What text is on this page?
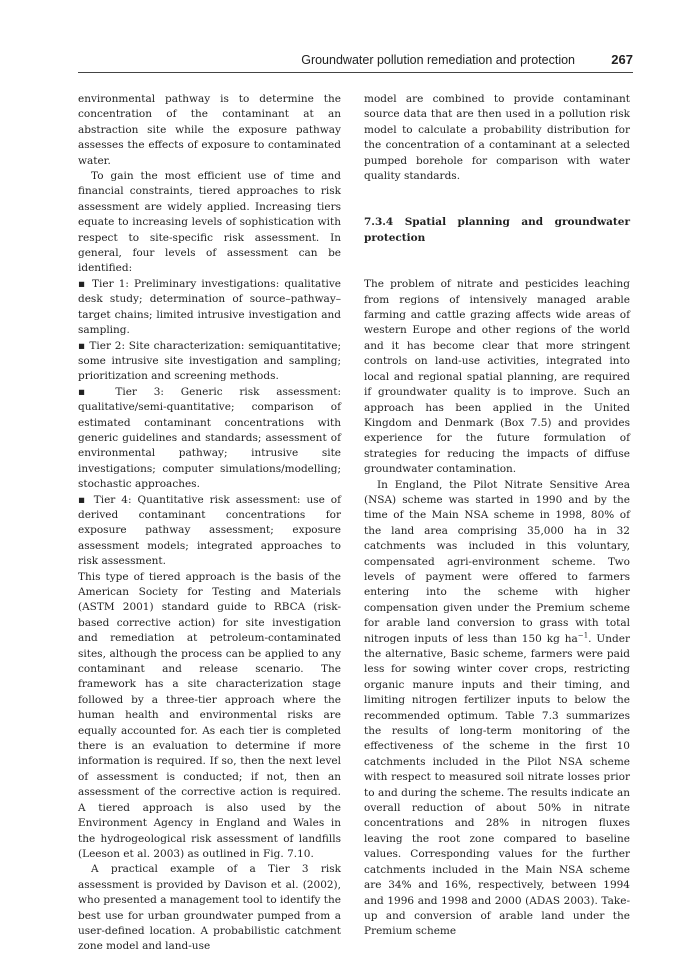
Groundwater pollution remediation and protection	267

environmental pathway is to determine the concentration of the contaminant at an abstraction site while the exposure pathway assesses the effects of exposure to contaminated water.

To gain the most efficient use of time and financial constraints, tiered approaches to risk assessment are widely applied. Increasing tiers equate to increasing levels of sophistication with respect to site-specific risk assessment. In general, four levels of assessment can be identified:

▪ Tier 1: Preliminary investigations: qualitative desk study; determination of source–pathway–target chains; limited intrusive investigation and sampling.

▪ Tier 2: Site characterization: semiquantitative; some intrusive site investigation and sampling; prioritization and screening methods.

▪ Tier 3: Generic risk assessment: qualitative/semi-quantitative; comparison of estimated contaminant concentrations with generic guidelines and standards; assessment of environmental pathway; intrusive site investigations; computer simulations/modelling; stochastic approaches.

▪ Tier 4: Quantitative risk assessment: use of derived contaminant concentrations for exposure pathway assessment; exposure assessment models; integrated approaches to risk assessment.

This type of tiered approach is the basis of the American Society for Testing and Materials (ASTM 2001) standard guide to RBCA (risk-based corrective action) for site investigation and remediation at petroleum-contaminated sites, although the process can be applied to any contaminant and release scenario. The framework has a site characterization stage followed by a three-tier approach where the human health and environmental risks are equally accounted for. As each tier is completed there is an evaluation to determine if more information is required. If so, then the next level of assessment is conducted; if not, then an assessment of the corrective action is required. A tiered approach is also used by the Environment Agency in England and Wales in the hydrogeological risk assessment of landfills (Leeson et al. 2003) as outlined in Fig. 7.10.

A practical example of a Tier 3 risk assessment is provided by Davison et al. (2002), who presented a management tool to identify the best use for urban groundwater pumped from a user-defined location. A probabilistic catchment zone model and land-use

model are combined to provide contaminant source data that are then used in a pollution risk model to calculate a probability distribution for the concentration of a contaminant at a selected pumped borehole for comparison with water quality standards.

7.3.4 Spatial planning and groundwater protection

The problem of nitrate and pesticides leaching from regions of intensively managed arable farming and cattle grazing affects wide areas of western Europe and other regions of the world and it has become clear that more stringent controls on land-use activities, integrated into local and regional spatial planning, are required if groundwater quality is to improve. Such an approach has been applied in the United Kingdom and Denmark (Box 7.5) and provides experience for the future formulation of strategies for reducing the impacts of diffuse groundwater contamination.

In England, the Pilot Nitrate Sensitive Area (NSA) scheme was started in 1990 and by the time of the Main NSA scheme in 1998, 80% of the land area comprising 35,000 ha in 32 catchments was included in this voluntary, compensated agri-environment scheme. Two levels of payment were offered to farmers entering into the scheme with higher compensation given under the Premium scheme for arable land conversion to grass with total nitrogen inputs of less than 150 kg $ha^{-1}$. Under the alternative, Basic scheme, farmers were paid less for sowing winter cover crops, restricting organic manure inputs and their timing, and limiting nitrogen fertilizer inputs to below the recommended optimum. Table 7.3 summarizes the results of long-term monitoring of the effectiveness of the scheme in the first 10 catchments included in the Pilot NSA scheme with respect to measured soil nitrate losses prior to and during the scheme. The results indicate an overall reduction of about 50% in nitrate concentrations and 28% in nitrogen fluxes leaving the root zone compared to baseline values. Corresponding values for the further catchments included in the Main NSA scheme are 34% and 16%, respectively, between 1994 and 1996 and 1998 and 2000 (ADAS 2003). Take-up and conversion of arable land under the Premium scheme
